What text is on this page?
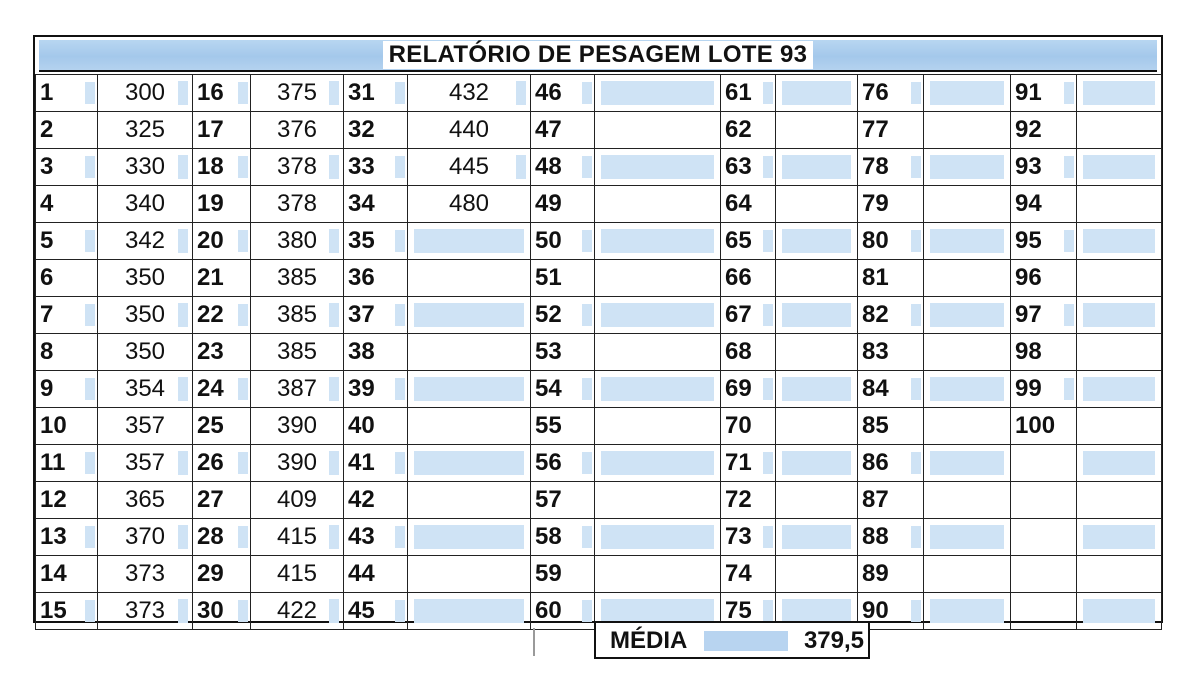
RELATÓRIO DE PESAGEM LOTE 93
1	300	16	375	31	432	46		61		76		91	

2	325	17	376	32	440	47		62		77		92	

3	330	18	378	33	445	48		63		78		93	

4	340	19	378	34	480	49		64		79		94	

5	342	20	380	35		50		65		80		95	

6	350	21	385	36		51		66		81		96	

7	350	22	385	37		52		67		82		97	

8	350	23	385	38		53		68		83		98	

9	354	24	387	39		54		69		84		99	

10	357	25	390	40		55		70		85		100	

11	357	26	390	41		56		71		86	

12	365	27	409	42		57		72		87			

13	370	28	415	43		58		73		88	

14	373	29	415	44		59		74		89			

15	373	30	422	45		60		75		90	

MÉDIA	379,5
